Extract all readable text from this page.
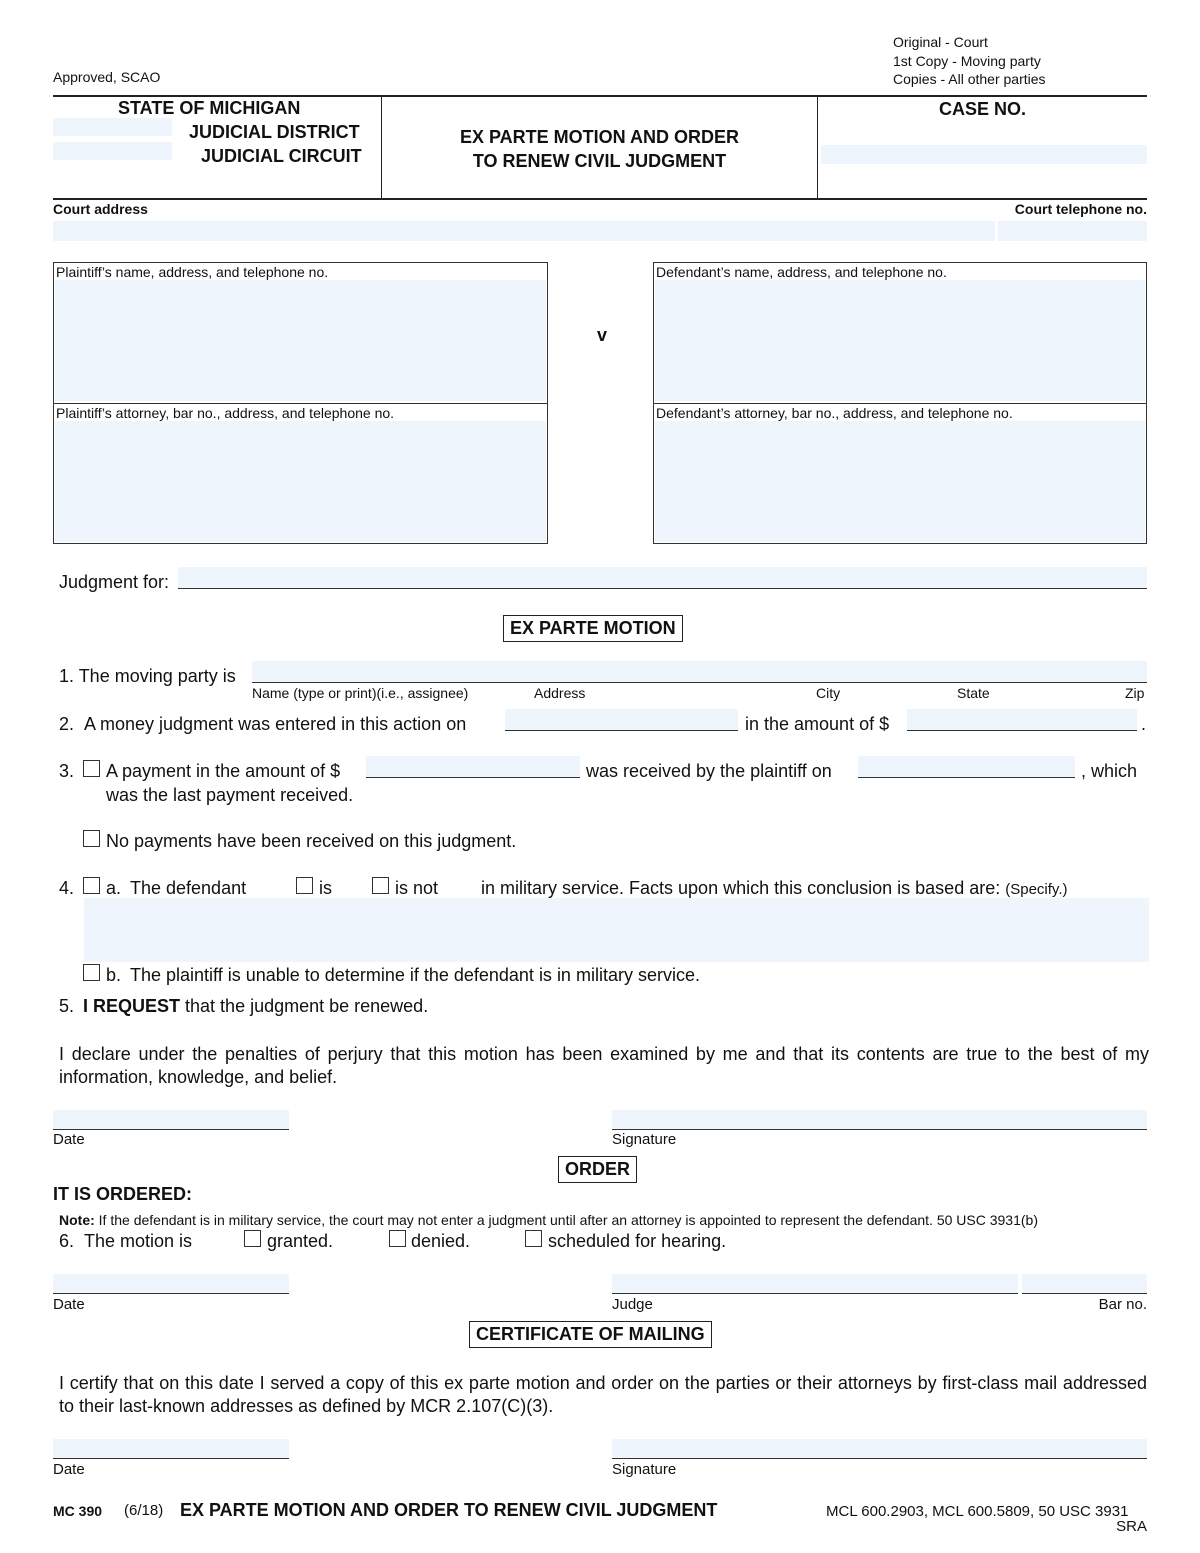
Approved, SCAO
Original - Court
1st Copy - Moving party
Copies - All other parties
STATE OF MICHIGAN
JUDICIAL DISTRICT
JUDICIAL CIRCUIT
EX PARTE MOTION AND ORDER
TO RENEW CIVIL JUDGMENT
CASE NO.
Court address	Court telephone no.
Plaintiff’s name, address, and telephone no.
Plaintiff’s attorney, bar no., address, and telephone no.
v
Defendant’s name, address, and telephone no.
Defendant’s attorney, bar no., address, and telephone no.
Judgment for:
EX PARTE MOTION
1. The moving party is
Name (type or print)(i.e., assignee)	Address	City	State	Zip
2. A money judgment was entered in this action on	in the amount of $	.
3. A payment in the amount of $	was received by the plaintiff on	, which
was the last payment received.
No payments have been received on this judgment.
4. a. The defendant	is	is not in military service. Facts upon which this conclusion is based are: (Specify.)
b. The plaintiff is unable to determine if the defendant is in military service.
5. I REQUEST that the judgment be renewed.
I declare under the penalties of perjury that this motion has been examined by me and that its contents are true to the best of my information, knowledge, and belief.
Date	Signature
ORDER
IT IS ORDERED:
Note: If the defendant is in military service, the court may not enter a judgment until after an attorney is appointed to represent the defendant. 50 USC 3931(b)
6. The motion is	granted.	denied.	scheduled for hearing.
Date	Judge	Bar no.
CERTIFICATE OF MAILING
I certify that on this date I served a copy of this ex parte motion and order on the parties or their attorneys by first-class mail addressed to their last-known addresses as defined by MCR 2.107(C)(3).
Date	Signature
MC 390 (6/18) EX PARTE MOTION AND ORDER TO RENEW CIVIL JUDGMENT	MCL 600.2903, MCL 600.5809, 50 USC 3931
SRA
